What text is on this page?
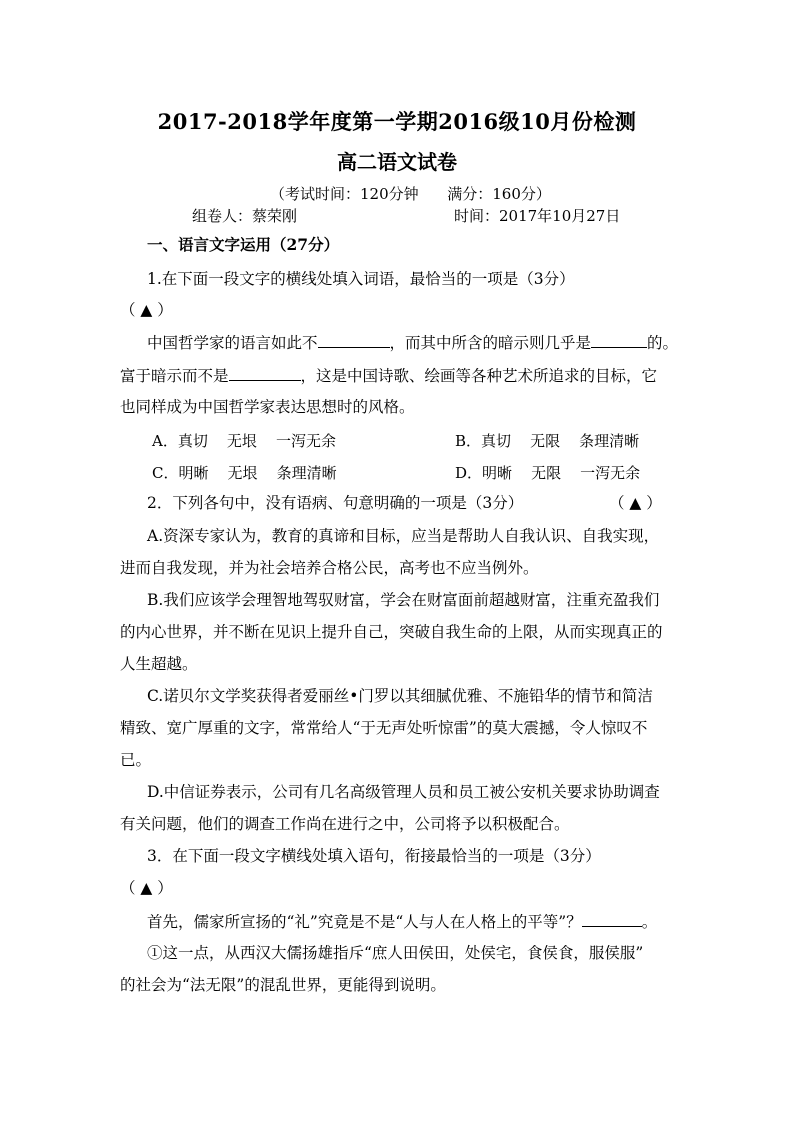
2017-2018学年度第一学期2016级10月份检测
高二语文试卷
（考试时间：120分钟      满分：160分）
组卷人：蔡荣刚	时间：2017年10月27日
一、语言文字运用（27分）
1.在下面一段文字的横线处填入词语，最恰当的一项是（3分）
（ ▲ ）
中国哲学家的语言如此不	，而其中所含的暗示则几乎是	的。
富于暗示而不是	，这是中国诗歌、绘画等各种艺术所追求的目标，它
也同样成为中国哲学家表达思想时的风格。
A．真切    无垠    一泻无余	B．真切    无限    条理清晰
C．明晰    无垠    条理清晰	D．明晰    无限    一泻无余
2．下列各句中，没有语病、句意明确的一项是（3分）	（ ▲ ）
A.资深专家认为，教育的真谛和目标，应当是帮助人自我认识、自我实现，
进而自我发现，并为社会培养合格公民，高考也不应当例外。
B.我们应该学会理智地驾驭财富，学会在财富面前超越财富，注重充盈我们
的内心世界，并不断在见识上提升自己，突破自我生命的上限，从而实现真正的
人生超越。
C.诺贝尔文学奖获得者爱丽丝•门罗以其细腻优雅、不施铅华的情节和简洁
精致、宽广厚重的文字，常常给人“于无声处听惊雷”的莫大震撼，令人惊叹不
已。
D.中信证券表示，公司有几名高级管理人员和员工被公安机关要求协助调查
有关问题，他们的调查工作尚在进行之中，公司将予以积极配合。
3．在下面一段文字横线处填入语句，衔接最恰当的一项是（3分）
（ ▲ ）
首先，儒家所宣扬的“礼”究竟是不是“人与人在人格上的平等”？	。
①这一点，从西汉大儒扬雄指斥“庶人田侯田，处侯宅，食侯食，服侯服”
的社会为“法无限”的混乱世界，更能得到说明。
